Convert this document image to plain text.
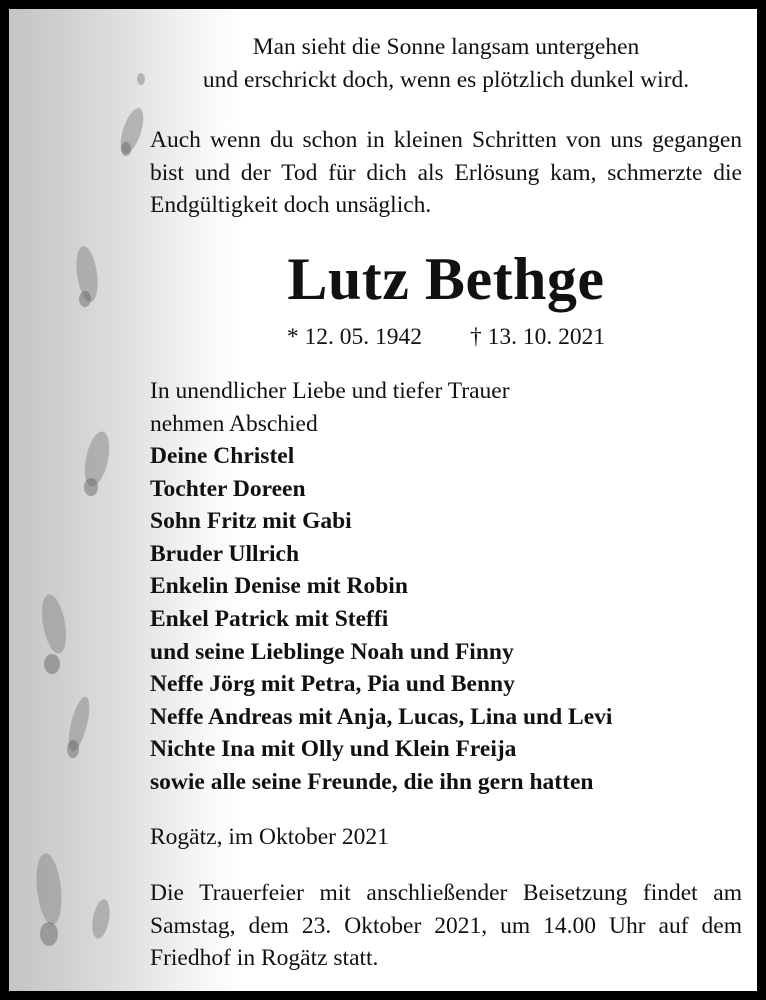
Man sieht die Sonne langsam untergehen
und erschrickt doch, wenn es plötzlich dunkel wird.
Auch wenn du schon in kleinen Schritten von uns gegangen bist und der Tod für dich als Erlösung kam, schmerzte die Endgültigkeit doch unsäglich.
Lutz Bethge
* 12. 05. 1942 † 13. 10. 2021
In unendlicher Liebe und tiefer Trauer
nehmen Abschied
Deine Christel
Tochter Doreen
Sohn Fritz mit Gabi
Bruder Ullrich
Enkelin Denise mit Robin
Enkel Patrick mit Steffi
und seine Lieblinge Noah und Finny
Neffe Jörg mit Petra, Pia und Benny
Neffe Andreas mit Anja, Lucas, Lina und Levi
Nichte Ina mit Olly und Klein Freija
sowie alle seine Freunde, die ihn gern hatten
Rogätz, im Oktober 2021
Die Trauerfeier mit anschließender Beisetzung findet am Samstag, dem 23. Oktober 2021, um 14.00 Uhr auf dem Friedhof in Rogätz statt.
